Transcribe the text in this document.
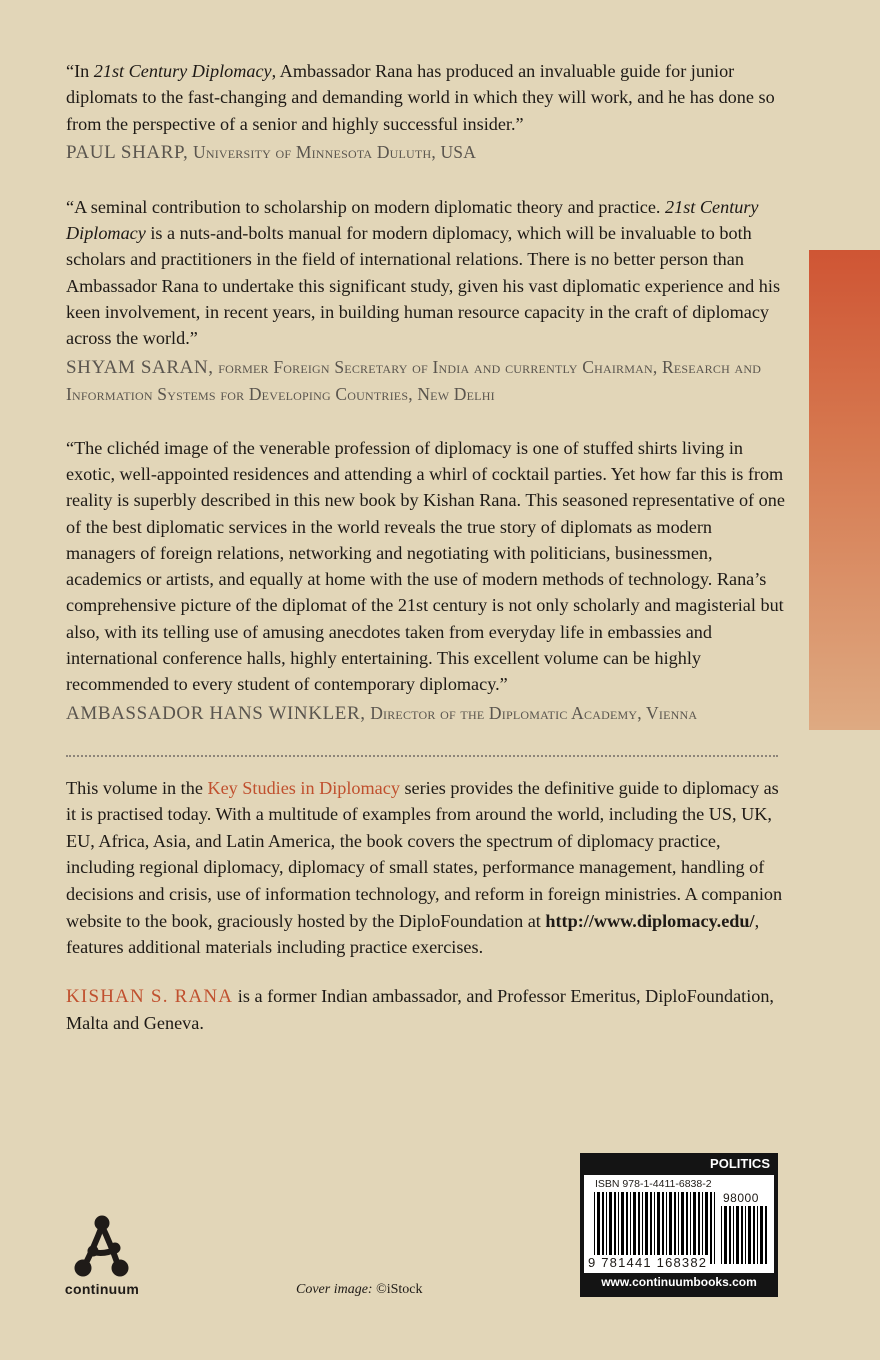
“In 21st Century Diplomacy, Ambassador Rana has produced an invaluable guide for junior diplomats to the fast-changing and demanding world in which they will work, and he has done so from the perspective of a senior and highly successful insider.”

PAUL SHARP, University of Minnesota Duluth, USA

“A seminal contribution to scholarship on modern diplomatic theory and practice. 21st Century Diplomacy is a nuts-and-bolts manual for modern diplomacy, which will be invaluable to both scholars and practitioners in the field of international relations. There is no better person than Ambassador Rana to undertake this significant study, given his vast diplomatic experience and his keen involvement, in recent years, in building human resource capacity in the craft of diplomacy across the world.”

SHYAM SARAN, former Foreign Secretary of India and currently Chairman, Research and Information Systems for Developing Countries, New Delhi

“The clichéd image of the venerable profession of diplomacy is one of stuffed shirts living in exotic, well-appointed residences and attending a whirl of cocktail parties. Yet how far this is from reality is superbly described in this new book by Kishan Rana. This seasoned representative of one of the best diplomatic services in the world reveals the true story of diplomats as modern managers of foreign relations, networking and negotiating with politicians, businessmen, academics or artists, and equally at home with the use of modern methods of technology. Rana’s comprehensive picture of the diplomat of the 21st century is not only scholarly and magisterial but also, with its telling use of amusing anecdotes taken from everyday life in embassies and international conference halls, highly entertaining. This excellent volume can be highly recommended to every student of contemporary diplomacy.”

AMBASSADOR HANS WINKLER, Director of the Diplomatic Academy, Vienna

This volume in the Key Studies in Diplomacy series provides the definitive guide to diplomacy as it is practised today. With a multitude of examples from around the world, including the US, UK, EU, Africa, Asia, and Latin America, the book covers the spectrum of diplomacy practice, including regional diplomacy, diplomacy of small states, performance management, handling of decisions and crisis, use of information technology, and reform in foreign ministries. A companion website to the book, graciously hosted by the DiploFoundation at http://www.diplomacy.edu/, features additional materials including practice exercises.

KISHAN S. RANA is a former Indian ambassador, and Professor Emeritus, DiploFoundation, Malta and Geneva.

continuum	Cover image: ©iStock
POLITICS
ISBN 978-1-4411-6838-2
98000
9 781441 168382
www.continuumbooks.com
